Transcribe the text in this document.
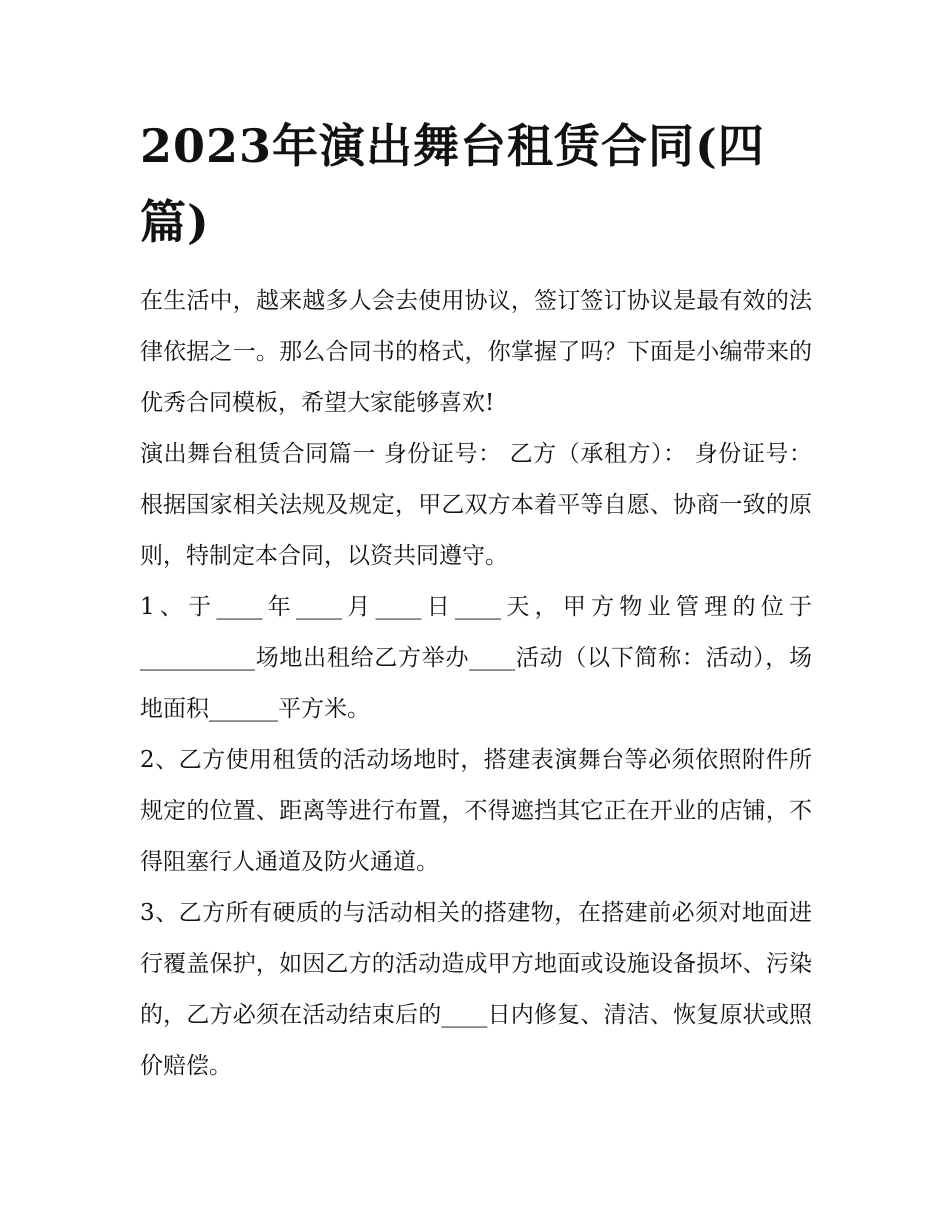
2023年演出舞台租赁合同(四篇)

在生活中，越来越多人会去使用协议，签订签订协议是最有效的法律依据之一。那么合同书的格式，你掌握了吗？下面是小编带来的优秀合同模板，希望大家能够喜欢!

演出舞台租赁合同篇一 身份证号： 乙方（承租方）： 身份证号： 根据国家相关法规及规定，甲乙双方本着平等自愿、协商一致的原则，特制定本合同，以资共同遵守。

1、于____年____月____日____天，甲方物业管理的位于__________场地出租给乙方举办____活动（以下简称：活动），场地面积______平方米。

2、乙方使用租赁的活动场地时，搭建表演舞台等必须依照附件所规定的位置、距离等进行布置，不得遮挡其它正在开业的店铺，不得阻塞行人通道及防火通道。

3、乙方所有硬质的与活动相关的搭建物，在搭建前必须对地面进行覆盖保护，如因乙方的活动造成甲方地面或设施设备损坏、污染的，乙方必须在活动结束后的____日内修复、清洁、恢复原状或照价赔偿。
